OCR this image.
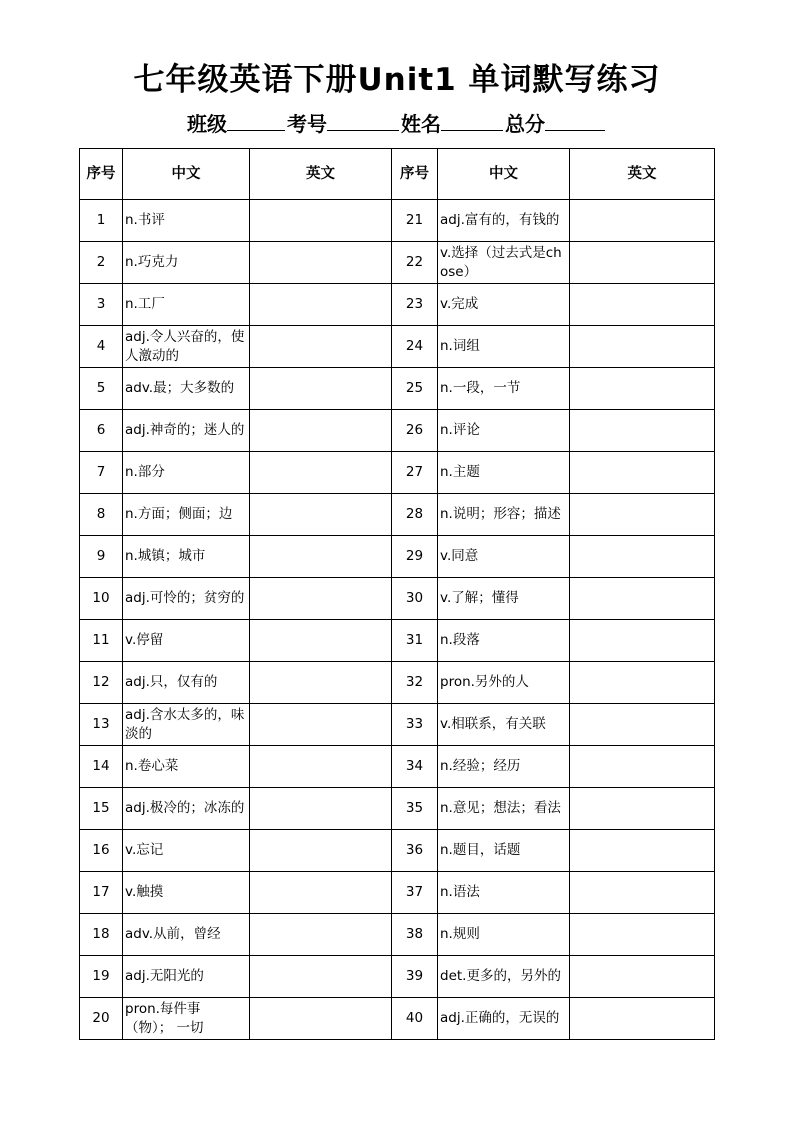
七年级英语下册Unit1 单词默写练习
班级	考号	姓名	总分
序号	中文	英文	序号	中文	英文
1	n.书评		21	adj.富有的，有钱的	
2	n.巧克力		22	v.选择（过去式是chose）	
3	n.工厂		23	v.完成	
4	adj.令人兴奋的，使人激动的		24	n.词组	
5	adv.最；大多数的		25	n.一段，一节	
6	adj.神奇的；迷人的		26	n.评论	
7	n.部分		27	n.主题	
8	n.方面；侧面；边		28	n.说明；形容；描述	
9	n.城镇；城市		29	v.同意	
10	adj.可怜的；贫穷的		30	v.了解；懂得	
11	v.停留		31	n.段落	
12	adj.只，仅有的		32	pron.另外的人	
13	adj.含水太多的，味淡的		33	v.相联系，有关联	
14	n.卷心菜		34	n.经验；经历	
15	adj.极冷的；冰冻的		35	n.意见；想法；看法	
16	v.忘记		36	n.题目，话题	
17	v.触摸		37	n.语法	
18	adv.从前，曾经		38	n.规则	
19	adj.无阳光的		39	det.更多的，另外的	
20	pron.每件事（物）； 一切		40	adj.正确的，无误的	
